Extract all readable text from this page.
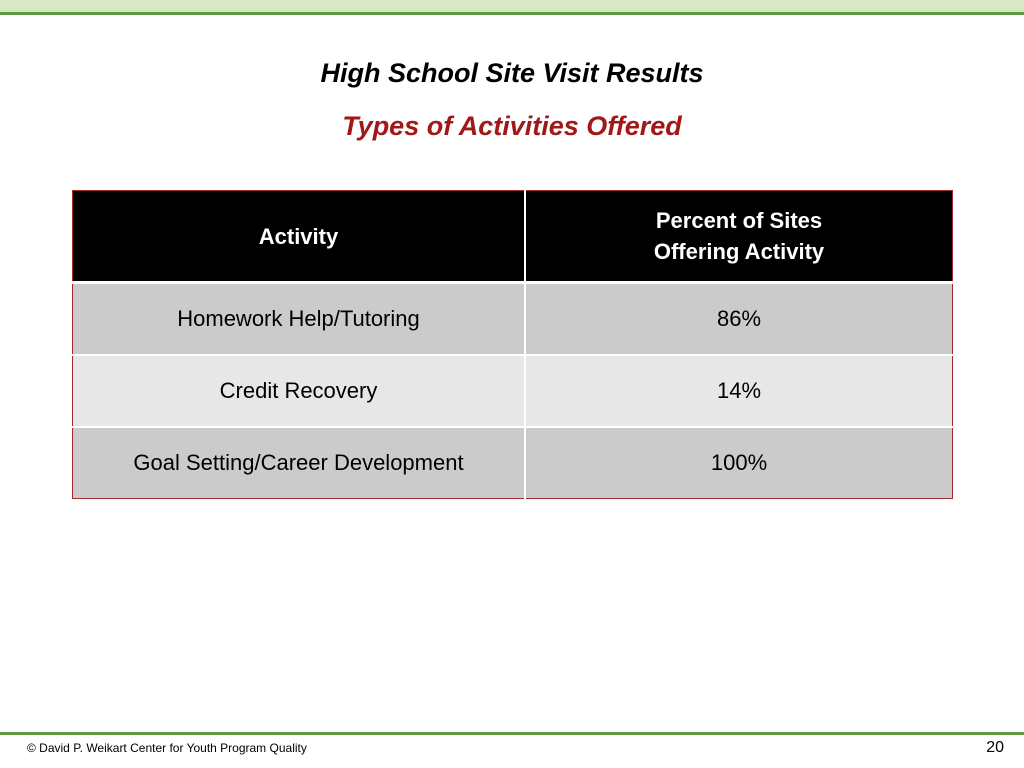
High School Site Visit Results
Types of Activities Offered
Activity	Percent of Sites
Offering Activity
Homework Help/Tutoring	86%
Credit Recovery	14%
Goal Setting/Career Development	100%
© David P. Weikart Center for Youth Program Quality	20
